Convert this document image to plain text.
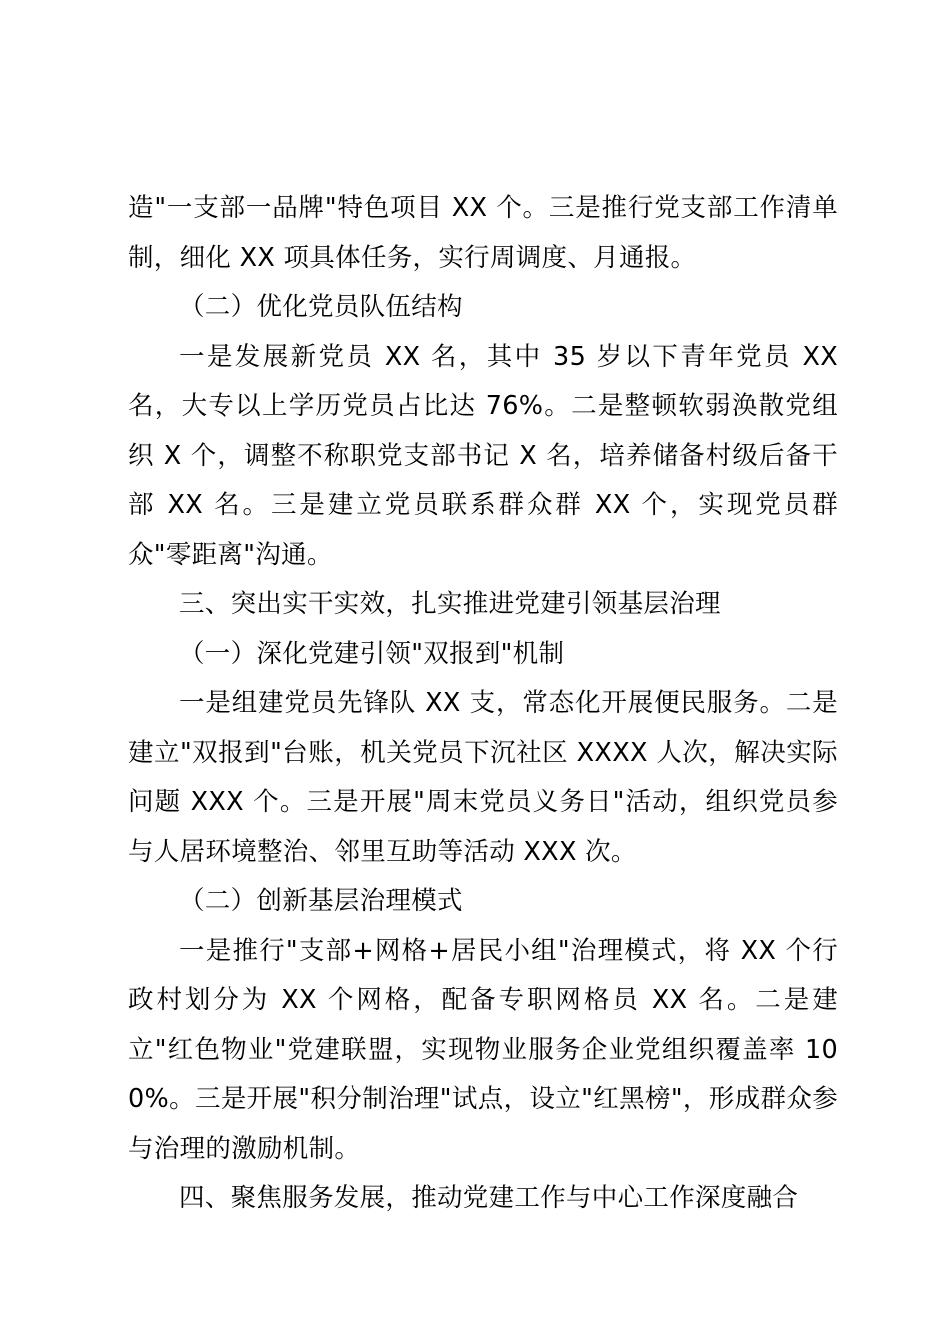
造"一支部一品牌"特色项目 XX 个。三是推行党支部工作清单制，细化 XX 项具体任务，实行周调度、月通报。

（二）优化党员队伍结构

一是发展新党员 XX 名，其中 35 岁以下青年党员 XX 名，大专以上学历党员占比达 76%。二是整顿软弱涣散党组织 X 个，调整不称职党支部书记 X 名，培养储备村级后备干部 XX 名。三是建立党员联系群众群 XX 个，实现党员群众"零距离"沟通。

三、突出实干实效，扎实推进党建引领基层治理

（一）深化党建引领"双报到"机制

一是组建党员先锋队 XX 支，常态化开展便民服务。二是建立"双报到"台账，机关党员下沉社区 XXXX 人次，解决实际问题 XXX 个。三是开展"周末党员义务日"活动，组织党员参与人居环境整治、邻里互助等活动 XXX 次。

（二）创新基层治理模式

一是推行"支部+网格+居民小组"治理模式，将 XX 个行政村划分为 XX 个网格，配备专职网格员 XX 名。二是建立"红色物业"党建联盟，实现物业服务企业党组织覆盖率 100%。三是开展"积分制治理"试点，设立"红黑榜"，形成群众参与治理的激励机制。

四、聚焦服务发展，推动党建工作与中心工作深度融合
